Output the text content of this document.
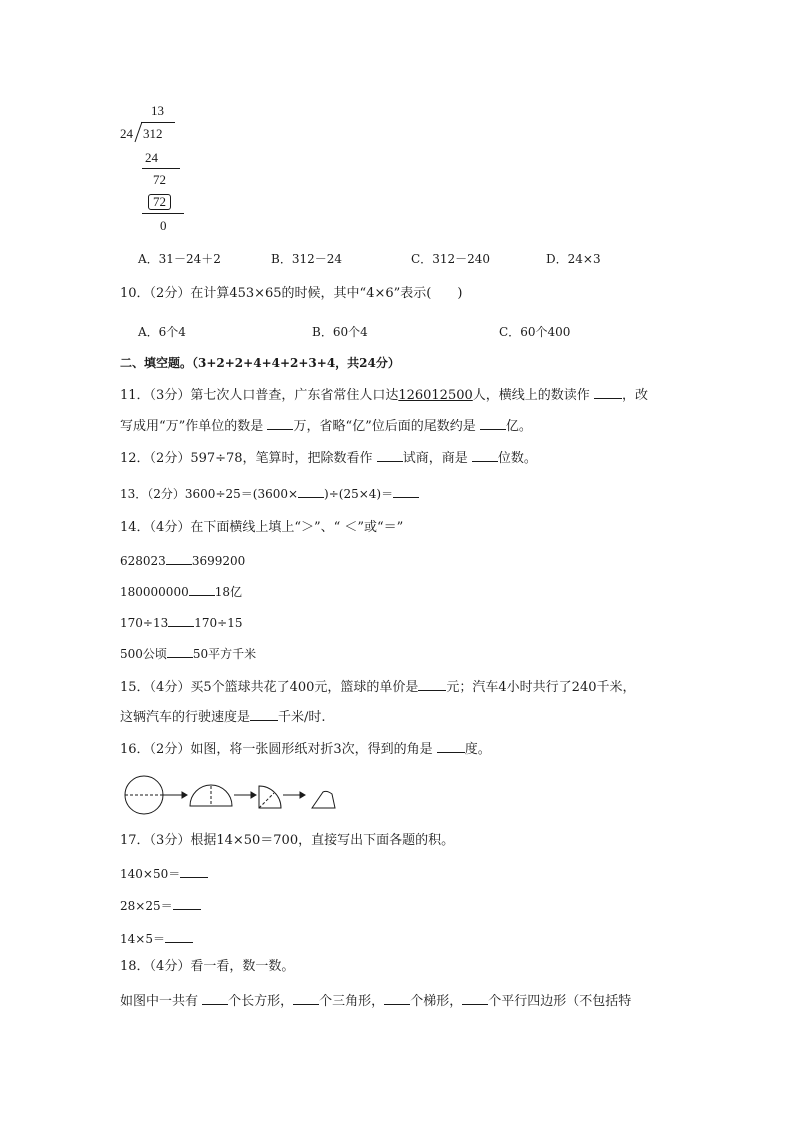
13
24 312
24
72
72
0
A．31－24＋2	B．312－24	C．312－240	D．24×3
10．（2分）在计算453×65的时候，其中“4×6”表示(　　)
A．6个4	B．60个4	C．60个400
二、填空题。（3+2+2+4+4+2+3+4，共24分）
11．（3分）第七次人口普查，广东省常住人口达126012500人，横线上的数读作 ，改
写成用“万”作单位的数是 万，省略“亿”位后面的尾数约是 亿。
12．（2分）597÷78，笔算时，把除数看作 试商，商是 位数。
13．（2分）3600÷25＝(3600× )÷(25×4)＝
14．（4分）在下面横线上填上“＞”、“ ＜”或“＝”
628023 3699200
180000000 18亿
170÷13 170÷15
500公顷 50平方千米
15．（4分）买5个篮球共花了400元，篮球的单价是 元；汽车4小时共行了240千米，
这辆汽车的行驶速度是 千米/时.
16．（2分）如图，将一张圆形纸对折3次，得到的角是 度。
17．（3分）根据14×50＝700，直接写出下面各题的积。
140×50＝
28×25＝
14×5＝
18．（4分）看一看，数一数。
如图中一共有 个长方形， 个三角形， 个梯形， 个平行四边形（不包括特
